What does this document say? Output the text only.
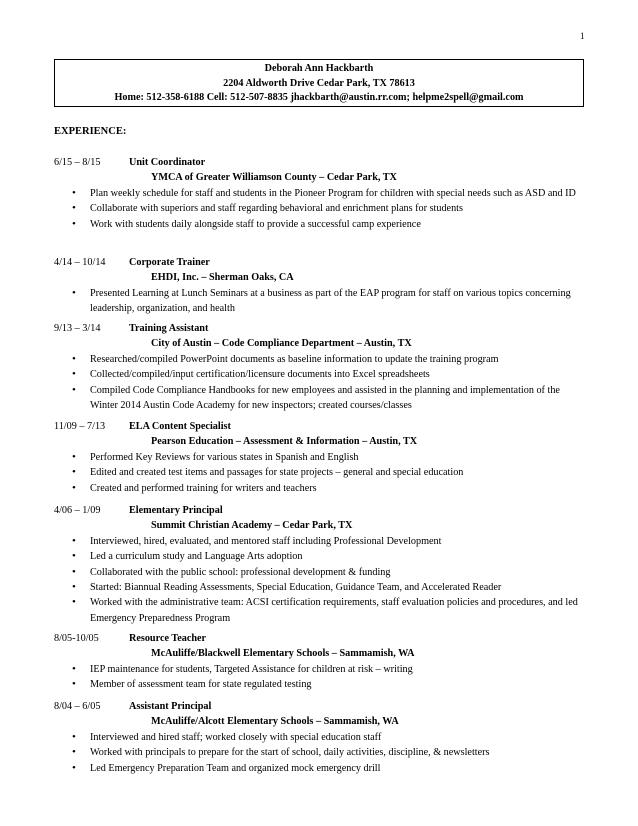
1
Deborah Ann Hackbarth
2204 Aldworth Drive Cedar Park, TX 78613
Home: 512-358-6188 Cell: 512-507-8835 jhackbarth@austin.rr.com; helpme2spell@gmail.com
EXPERIENCE:
6/15 – 8/15	Unit Coordinator
YMCA of Greater Williamson County – Cedar Park, TX
• Plan weekly schedule for staff and students in the Pioneer Program for children with special needs such as ASD and ID
• Collaborate with superiors and staff regarding behavioral and enrichment plans for students
• Work with students daily alongside staff to provide a successful camp experience
4/14 – 10/14 Corporate Trainer
EHDI, Inc. – Sherman Oaks, CA
• Presented Learning at Lunch Seminars at a business as part of the EAP program for staff on various topics concerning leadership, organization, and health
9/13 – 3/14	Training Assistant
City of Austin – Code Compliance Department – Austin, TX
• Researched/compiled PowerPoint documents as baseline information to update the training program
• Collected/compiled/input certification/licensure documents into Excel spreadsheets
• Compiled Code Compliance Handbooks for new employees and assisted in the planning and implementation of the Winter 2014 Austin Code Academy for new inspectors; created courses/classes
11/09 – 7/13 ELA Content Specialist
Pearson Education – Assessment & Information – Austin, TX
• Performed Key Reviews for various states in Spanish and English
• Edited and created test items and passages for state projects – general and special education
• Created and performed training for writers and teachers
4/06 – 1/09	Elementary Principal
Summit Christian Academy – Cedar Park, TX
• Interviewed, hired, evaluated, and mentored staff including Professional Development
• Led a curriculum study and Language Arts adoption
• Collaborated with the public school: professional development & funding
• Started: Biannual Reading Assessments, Special Education, Guidance Team, and Accelerated Reader
• Worked with the administrative team: ACSI certification requirements, staff evaluation policies and procedures, and led Emergency Preparedness Program
8/05-10/05	Resource Teacher
McAuliffe/Blackwell Elementary Schools – Sammamish, WA
• IEP maintenance for students, Targeted Assistance for children at risk – writing
• Member of assessment team for state regulated testing
8/04 – 6/05	Assistant Principal
McAuliffe/Alcott Elementary Schools – Sammamish, WA
• Interviewed and hired staff; worked closely with special education staff
• Worked with principals to prepare for the start of school, daily activities, discipline, & newsletters
• Led Emergency Preparation Team and organized mock emergency drill
